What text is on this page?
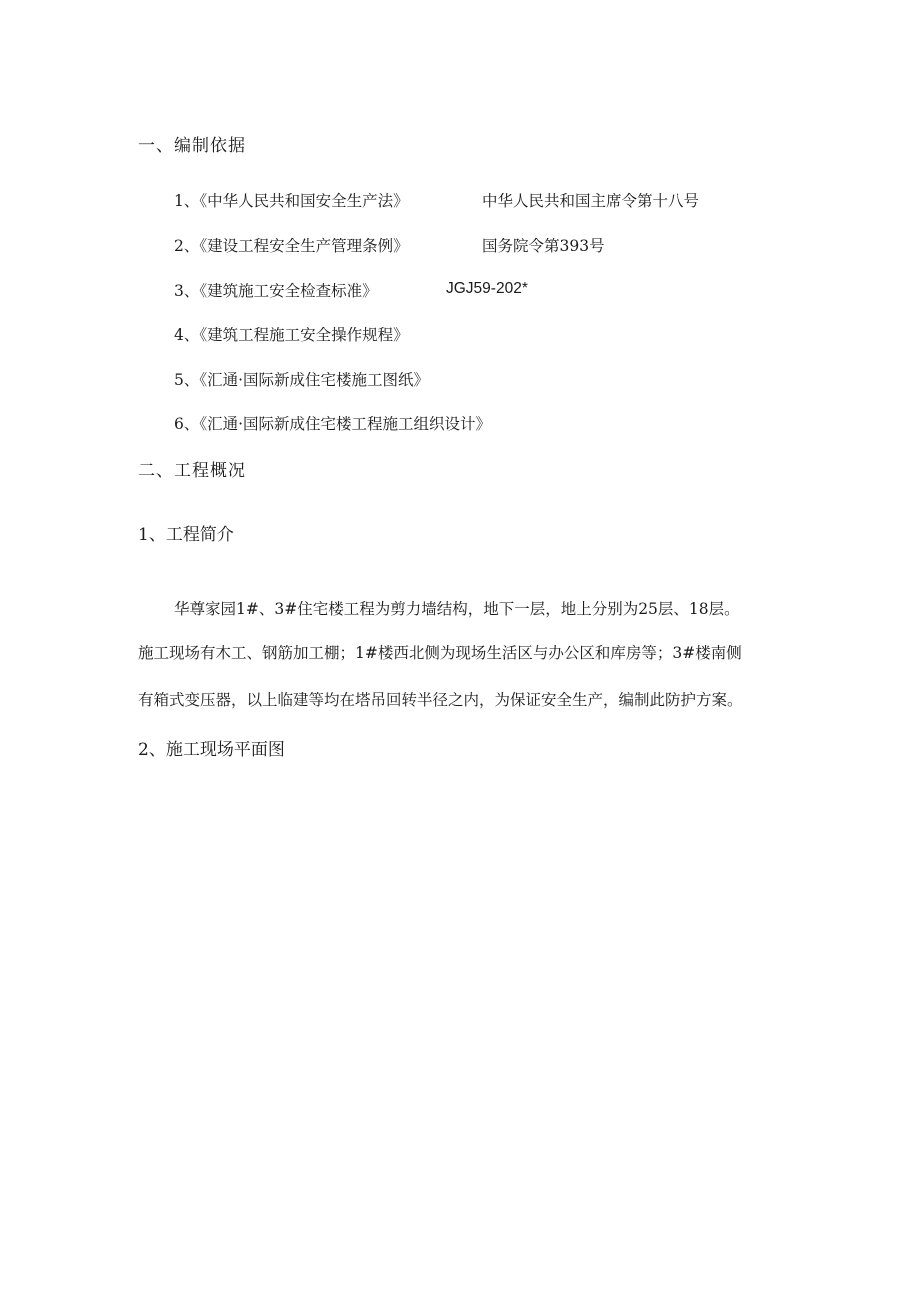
一、编制依据
1、《中华人民共和国安全生产法》	中华人民共和国主席令第十八号
2、《建设工程安全生产管理条例》	国务院令第393号
3、《建筑施工安全检查标准》	JGJ59-202*
4、《建筑工程施工安全操作规程》
5、《汇通·国际新成住宅楼施工图纸》
6、《汇通·国际新成住宅楼工程施工组织设计》
二、工程概况
1、工程简介
华尊家园1#、3#住宅楼工程为剪力墙结构，地下一层，地上分别为25层、18层。
施工现场有木工、钢筋加工棚；1#楼西北侧为现场生活区与办公区和库房等；3#楼南侧
有箱式变压器，以上临建等均在塔吊回转半径之内，为保证安全生产，编制此防护方案。
2、施工现场平面图
